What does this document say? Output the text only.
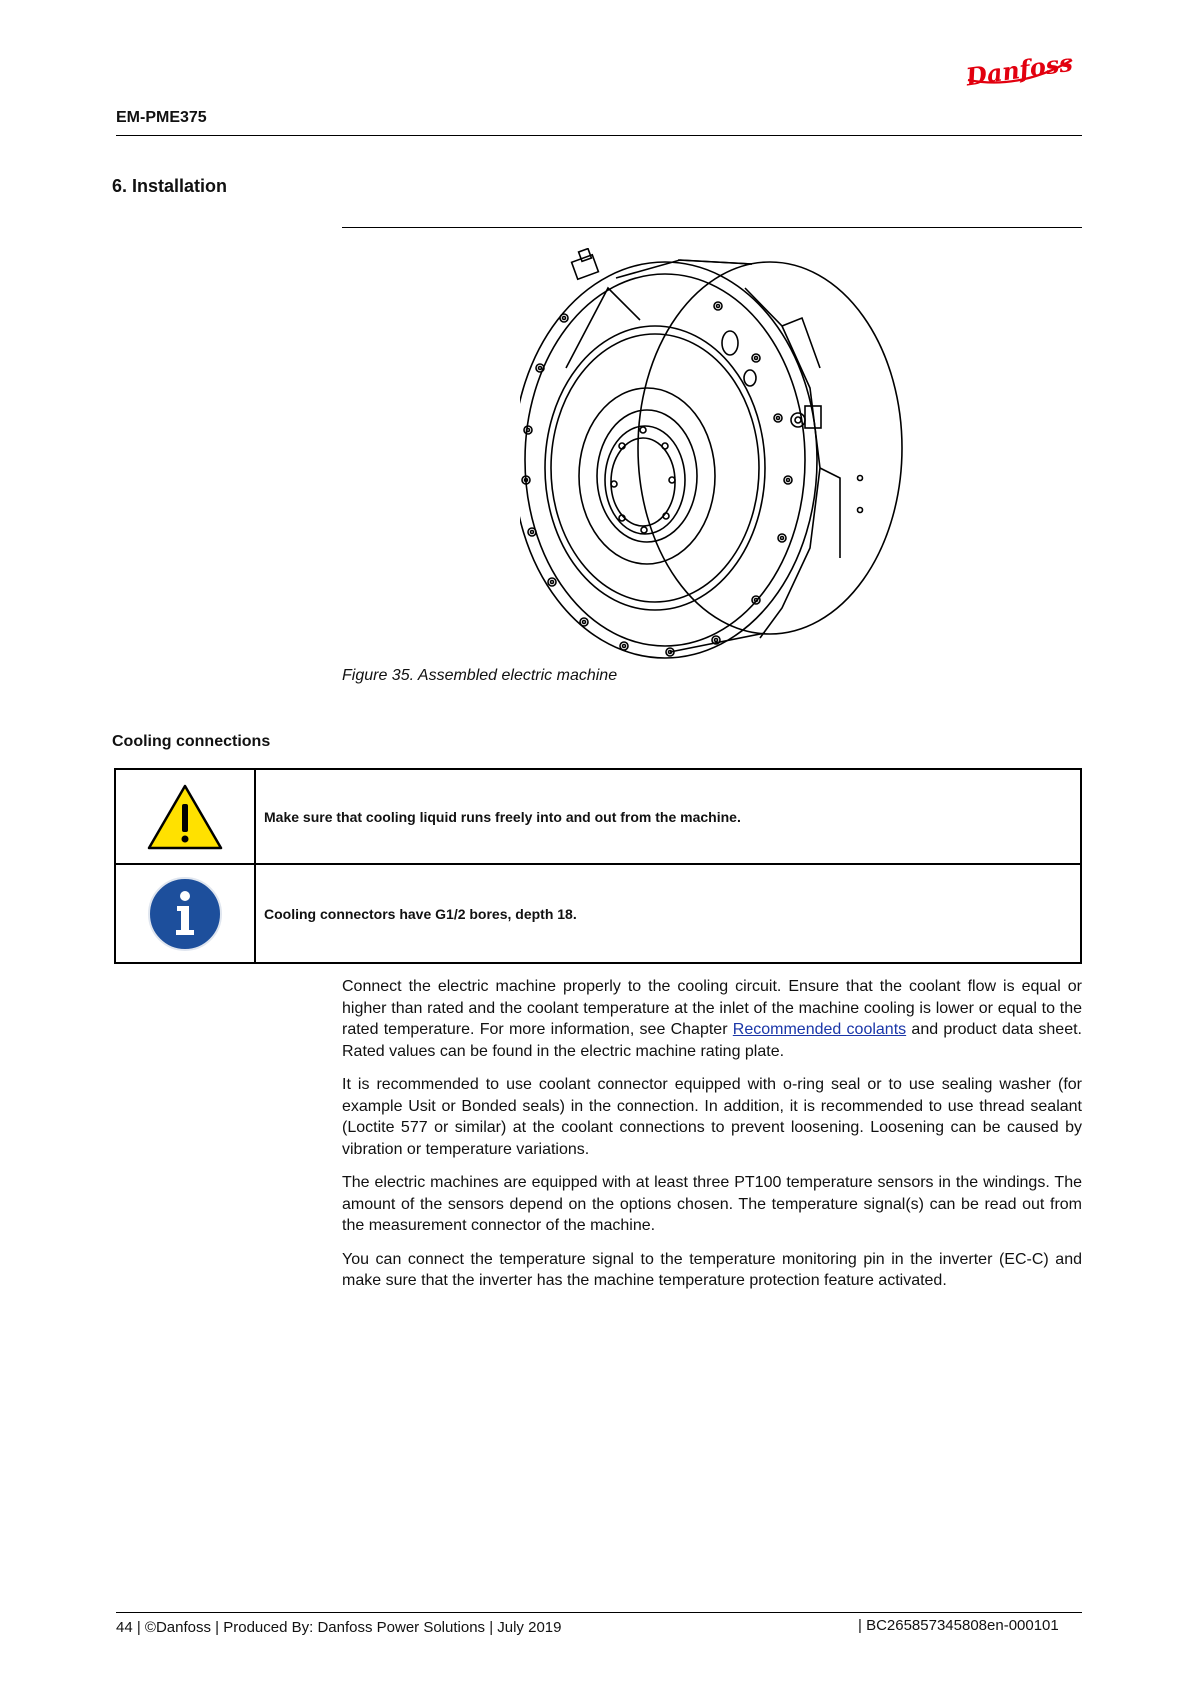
Danfoss
EM-PME375
6. Installation
Figure 35. Assembled electric machine
Cooling connections
Make sure that cooling liquid runs freely into and out from the machine.
Cooling connectors have G1/2 bores, depth 18.

Connect the electric machine properly to the cooling circuit. Ensure that the coolant flow is equal or higher than rated and the coolant temperature at the inlet of the machine cooling is lower or equal to the rated temperature. For more information, see Chapter Recommended coolants and product data sheet. Rated values can be found in the electric machine rating plate.

It is recommended to use coolant connector equipped with o-ring seal or to use sealing washer (for example Usit or Bonded seals) in the connection. In addition, it is recommended to use thread sealant (Loctite 577 or similar) at the coolant connections to prevent loosening. Loosening can be caused by vibration or temperature variations.

The electric machines are equipped with at least three PT100 temperature sensors in the windings. The amount of the sensors depend on the options chosen. The temperature signal(s) can be read out from the measurement connector of the machine.

You can connect the temperature signal to the temperature monitoring pin in the inverter (EC-C) and make sure that the inverter has the machine temperature protection feature activated.

44 | ©Danfoss | Produced By: Danfoss Power Solutions | July 2019	| BC265857345808en-000101
